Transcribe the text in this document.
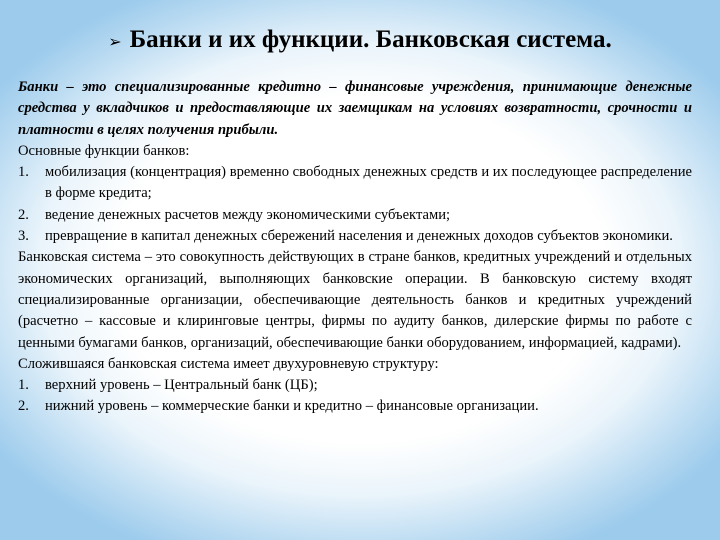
➢ Банки и их функции. Банковская система.

Банки – это специализированные кредитно – финансовые учреждения, принимающие денежные средства у вкладчиков и предоставляющие их заемщикам на условиях возвратности, срочности и платности в целях получения прибыли.

Основные функции банков:

1. мобилизация (концентрация) временно свободных денежных средств и их последующее распределение в форме кредита;
2. ведение денежных расчетов между экономическими субъектами;
3. превращение в капитал денежных сбережений населения и денежных доходов субъектов экономики.

Банковская система – это совокупность действующих в стране банков, кредитных учреждений и отдельных экономических организаций, выполняющих банковские операции. В банковскую систему входят специализированные организации, обеспечивающие деятельность банков и кредитных учреждений (расчетно – кассовые и клиринговые центры, фирмы по аудиту банков, дилерские фирмы по работе с ценными бумагами банков, организаций, обеспечивающие банки оборудованием, информацией, кадрами).

Сложившаяся банковская система имеет двухуровневую структуру:

1. верхний уровень – Центральный банк (ЦБ);
2. нижний уровень – коммерческие банки и кредитно – финансовые организации.
